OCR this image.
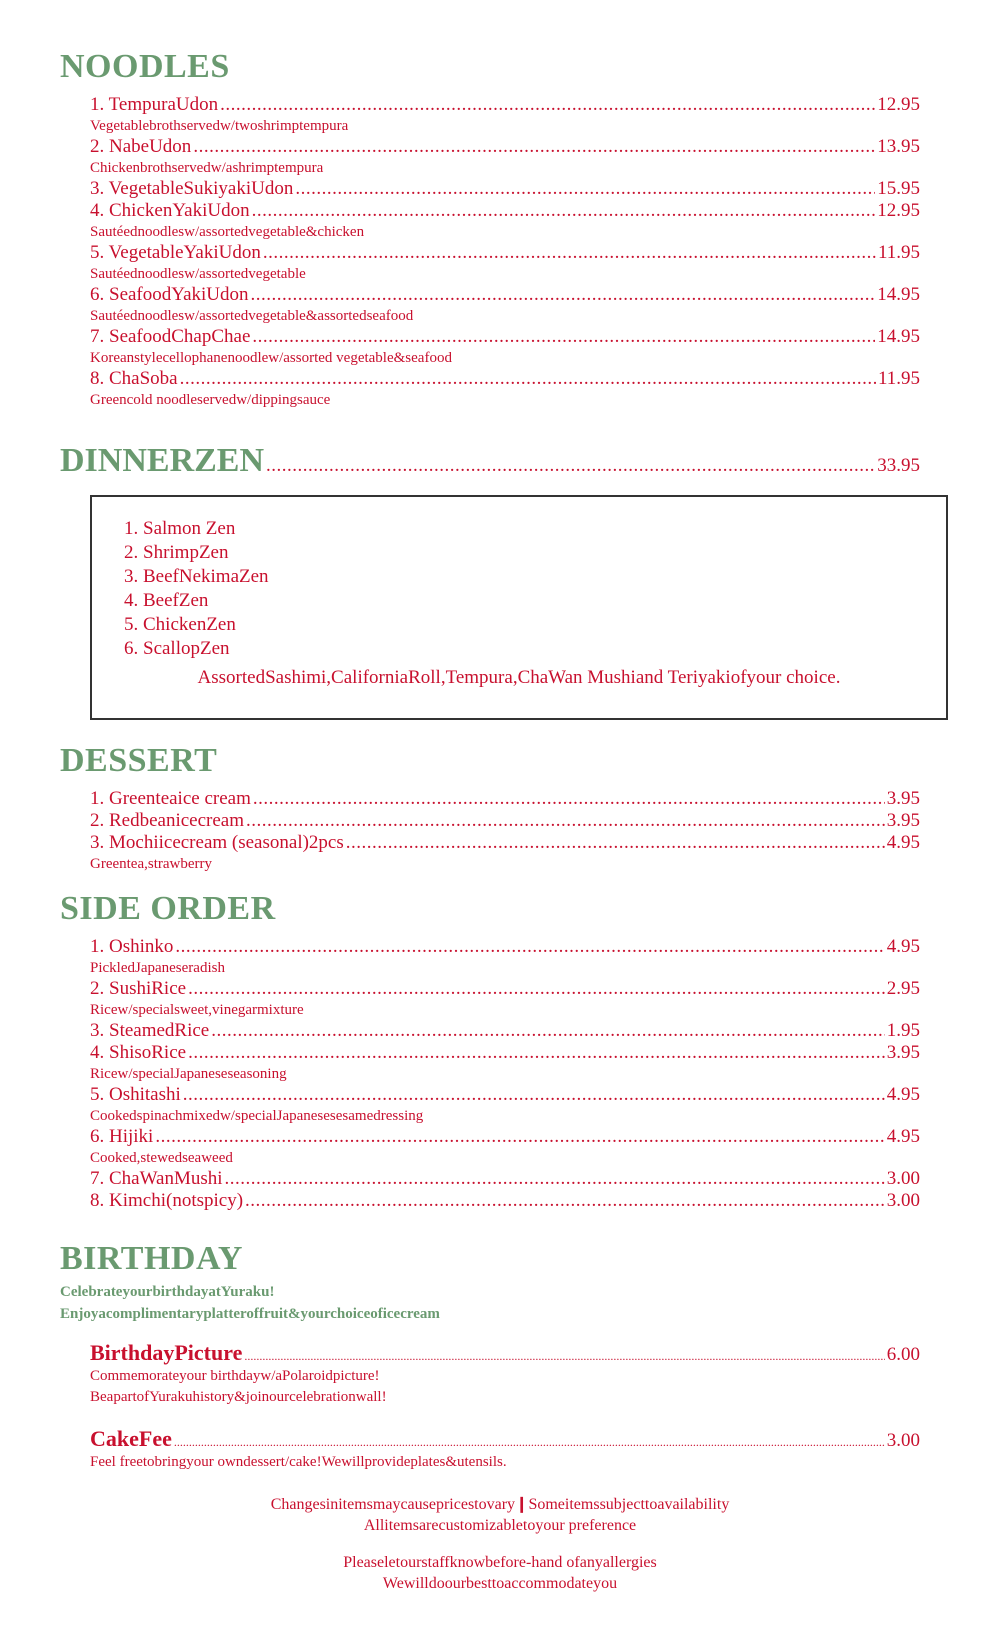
NOODLES
1. TempuraUdon .....	12.95
Vegetablebrothservedw/twoshrimptempura
2. NabeUdon .....	13.95
Chickenbrothservedw/ashrimptempura
3. VegetableSukiyakiUdon .....	15.95
4. ChickenYakiUdon .....	12.95
Sautéednoodlesw/assortedvegetable&chicken
5. VegetableYakiUdon .....	11.95
Sautéednoodlesw/assortedvegetable
6. SeafoodYakiUdon .....	14.95
Sautéednoodlesw/assortedvegetable&assortedseafood
7. SeafoodChapChae .....	14.95
Koreanstylecellophanenoodlew/assorted vegetable&seafood
8. ChaSoba .....	11.95
Greencold noodleservedw/dippingsauce
DINNERZEN .....	33.95
1. Salmon Zen
2. ShrimpZen
3. BeefNekimaZen
4. BeefZen
5. ChickenZen
6. ScallopZen
AssortedSashimi,CaliforniaRoll,Tempura,ChaWan Mushiand Teriyakiofyour choice.
DESSERT
1. Greenteaice cream .....	3.95
2. Redbeanicecream .....	3.95
3. Mochiicecream (seasonal)2pcs .....	4.95
Greentea,strawberry
SIDE ORDER
1. Oshinko .....	4.95
PickledJapaneseradish
2. SushiRice .....	2.95
Ricew/specialsweet,vinegarmixture
3. SteamedRice .....	1.95
4. ShisoRice .....	3.95
Ricew/specialJapaneseseasoning
5. Oshitashi .....	4.95
Cookedspinachmixedw/specialJapanesesesamedressing
6. Hijiki .....	4.95
Cooked,stewedseaweed
7. ChaWanMushi .....	3.00
8. Kimchi(notspicy) .....	3.00
BIRTHDAY
CelebrateyourbirthdayatYuraku!
Enjoyacomplimentaryplatteroffruit&yourchoiceoficecream
BirthdayPicture .....	6.00
Commemorateyour birthdayw/aPolaroidpicture!
BeapartofYurakuhistory&joinourcelebrationwall!
CakeFee .....	3.00
Feel freetobringyour owndessert/cake!Wewillprovideplates&utensils.
Changesinitemsmaycausepricestovary❙Someitemssubjecttoavailability
Allitemsarecustomizabletoyour preference
Pleaseletourstaffknowbefore-hand ofanyallergies
Wewilldoourbesttoaccommodateyou
